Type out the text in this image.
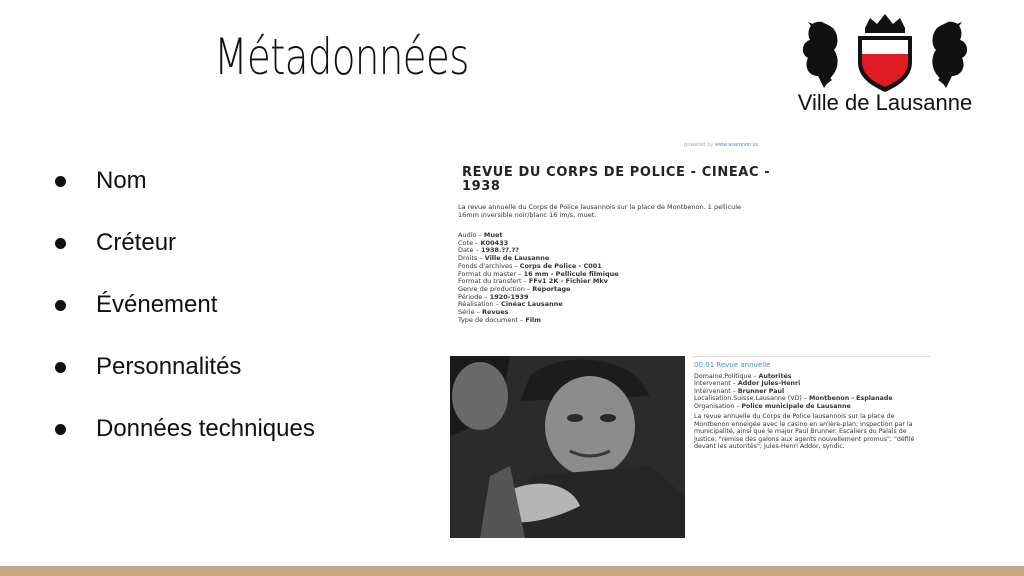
Métadonnées
Ville de Lausanne
Nom
Créteur
Événement
Personnalités
Données techniques
powered by www.asamnon.ss
REVUE DU CORPS DE POLICE - CINEAC - 1938
La revue annuelle du Corps de Police lausannois sur la place de Montbenon. 1 pellicule 16mm inversible noir/blanc 16 im/s, muet.
Audio – Muet
Cote – K00433
Date – 1938.??.??
Droits – Ville de Lausanne
Fonds d'archives – Corps de Police - C001
Format du master – 16 mm - Pellicule filmique
Format du transfert – FFv1 2K - Fichier Mkv
Genre de production – Reportage
Période – 1920-1939
Réalisation – Cinéac Lausanne
Série – Revues
Type de document – Film
00:01 Revue annuelle
Domaine.Politique – Autorités
Intervenant – Addor Jules-Henri
Intervenant – Brunner Paul
Localisation.Suisse.Lausanne (VD) – Montbenon - Esplanade
Organisation – Police municipale de Lausanne
La revue annuelle du Corps de Police lausannois sur la place de Montbenon enneigée avec le casino en arrière-plan; inspection par la municipalité, ainsi que le major Paul Brunner. Escaliers du Palais de Justice; "remise des galons aux agents nouvellement promus"; "défilé devant les autorités"; Jules-Henri Addor, syndic.
